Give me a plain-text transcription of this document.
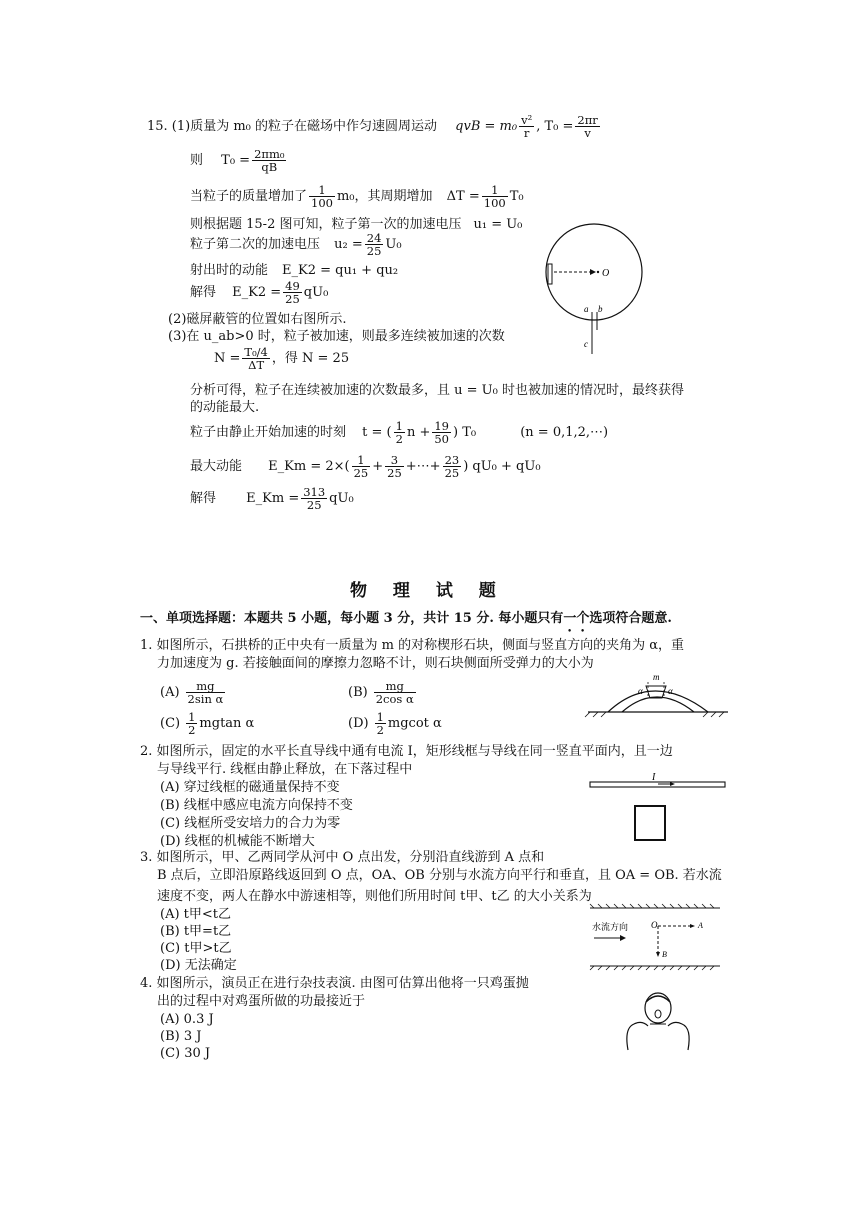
15. (1)质量为 m₀ 的粒子在磁场中作匀速圆周运动 qvB = $m_0 \frac{\text{v²}}{r}$ , $T_0 = \frac{2\pi r}{v}$
则 $T_0 = \frac{\text{2πm₀}}{qB}$
当粒子的质量增加了 $\frac{1}{100} m_0$，其周期增加 $\Delta T = \frac{1}{100} T_0$
则根据题 15-2 图可知，粒子第一次的加速电压 u₁ = U₀
粒子第二次的加速电压 $u_2 = \frac{24}{25} U_0$
射出时的动能 E_K2 = qu₁ + qu₂
解得 E_K2 = $\frac{49}{25} qU_0$
(2)磁屏蔽管的位置如右图所示.
(3)在 u_ab>0 时，粒子被加速，则最多连续被加速的次数
$N = \frac{\text{T₀/4}}{\Delta T}$ ，得 N = 25
分析可得，粒子在连续被加速的次数最多，且 u = U₀ 时也被加速的情况时，最终获得
的动能最大.
粒子由静止开始加速的时刻 t = ( $\frac{1}{2}$ $n + \frac{19}{50}$ ) T₀	(n = 0,1,2,⋯)
最大动能 E_Km = $2\times( \frac{1}{25} + \frac{3}{25}$ +⋯+ $\frac{23}{25}$ ) qU₀ + qU₀
解得 E_Km = $\frac{313}{25} qU_0$
O
a b
c
物 理 试 题
一、单项选择题：本题共 5 小题，每小题 3 分，共计 15 分. 每小题只有一个选项符合题意.
1. 如图所示，石拱桥的正中央有一质量为 m 的对称楔形石块，侧面与竖直方向的夹角为 α，重
力加速度为 g. 若接触面间的摩擦力忽略不计，则石块侧面所受弹力的大小为
$(A) \frac{mg}{\text{2sin α}}$	$(B) \frac{mg}{\text{2cos α}}$
$(C) \frac{1}{2}$ mgtan α	$(D) \frac{1}{2}$ mgcot α
m
α	α
2. 如图所示，固定的水平长直导线中通有电流 I，矩形线框与导线在同一竖直平面内，且一边
与导线平行. 线框由静止释放，在下落过程中
(A) 穿过线框的磁通量保持不变
(B) 线框中感应电流方向保持不变
(C) 线框所受安培力的合力为零
(D) 线框的机械能不断增大
I
3. 如图所示，甲、乙两同学从河中 O 点出发，分别沿直线游到 A 点和
B 点后，立即沿原路线返回到 O 点，OA、OB 分别与水流方向平行和垂直，且 OA = OB. 若水流
速度不变，两人在静水中游速相等，则他们所用时间 t甲、t乙 的大小关系为
(A) t甲<t乙
(B) t甲=t乙
(C) t甲>t乙
(D) 无法确定
水流方向	O	A
B
4. 如图所示，演员正在进行杂技表演. 由图可估算出他将一只鸡蛋抛
出的过程中对鸡蛋所做的功最接近于
(A) 0.3 J
(B) 3 J
(C) 30 J
